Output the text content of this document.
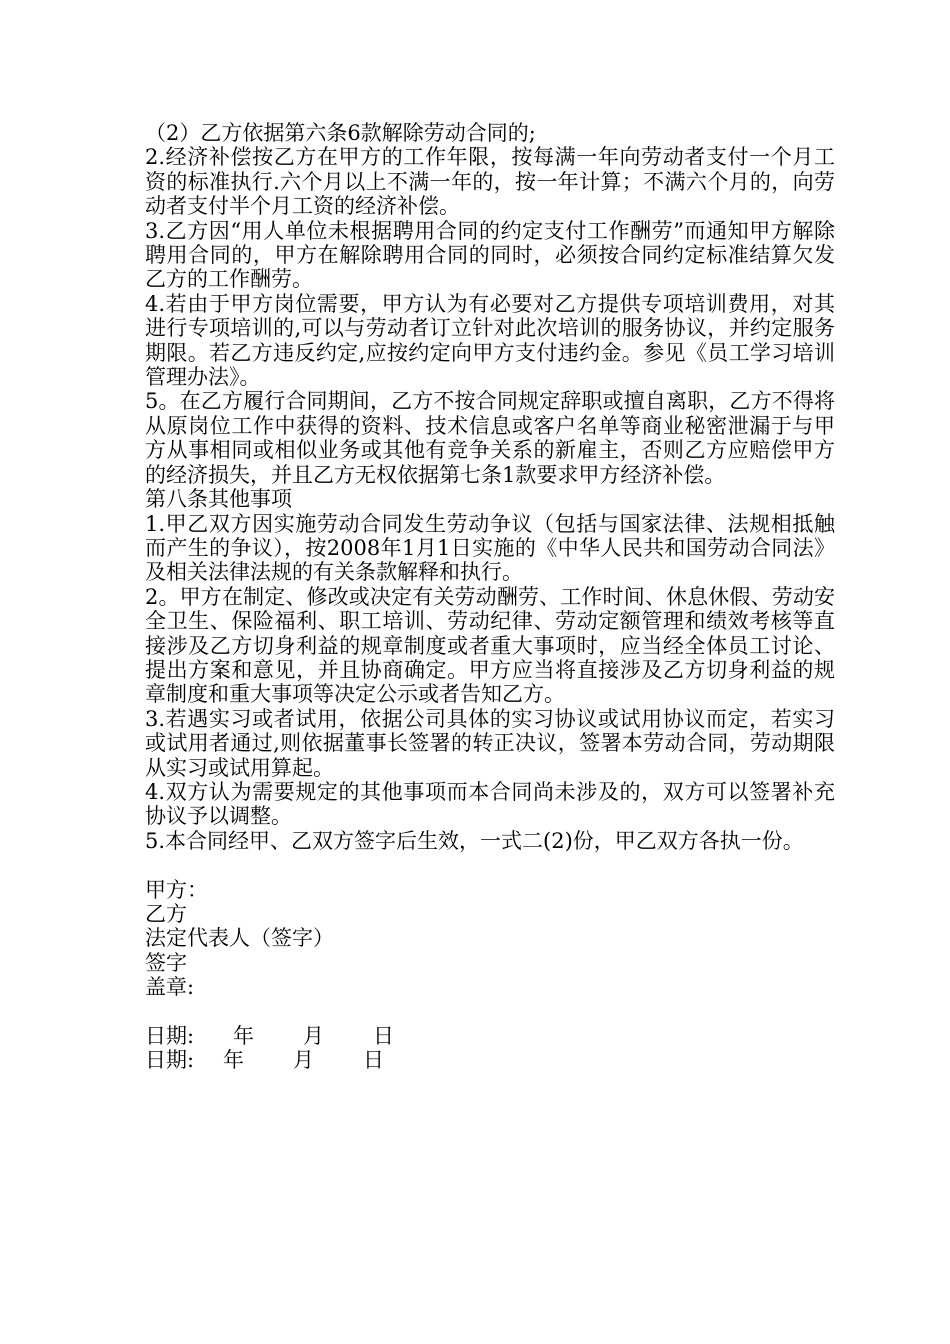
（2）乙方依据第六条6款解除劳动合同的;

2.经济补偿按乙方在甲方的工作年限，按每满一年向劳动者支付一个月工资的标准执行.六个月以上不满一年的，按一年计算；不满六个月的，向劳动者支付半个月工资的经济补偿。

3.乙方因“用人单位未根据聘用合同的约定支付工作酬劳”而通知甲方解除聘用合同的，甲方在解除聘用合同的同时，必须按合同约定标准结算欠发乙方的工作酬劳。

4.若由于甲方岗位需要，甲方认为有必要对乙方提供专项培训费用，对其进行专项培训的,可以与劳动者订立针对此次培训的服务协议，并约定服务期限。若乙方违反约定,应按约定向甲方支付违约金。参见《员工学习培训管理办法》。

5。在乙方履行合同期间，乙方不按合同规定辞职或擅自离职，乙方不得将从原岗位工作中获得的资料、技术信息或客户名单等商业秘密泄漏于与甲方从事相同或相似业务或其他有竞争关系的新雇主，否则乙方应赔偿甲方的经济损失，并且乙方无权依据第七条1款要求甲方经济补偿。

第八条其他事项

1.甲乙双方因实施劳动合同发生劳动争议（包括与国家法律、法规相抵触而产生的争议），按2008年1月1日实施的《中华人民共和国劳动合同法》及相关法律法规的有关条款解释和执行。

2。甲方在制定、修改或决定有关劳动酬劳、工作时间、休息休假、劳动安全卫生、保险福利、职工培训、劳动纪律、劳动定额管理和绩效考核等直接涉及乙方切身利益的规章制度或者重大事项时，应当经全体员工讨论、提出方案和意见，并且协商确定。甲方应当将直接涉及乙方切身利益的规章制度和重大事项等决定公示或者告知乙方。

3.若遇实习或者试用，依据公司具体的实习协议或试用协议而定，若实习或试用者通过,则依据董事长签署的转正决议，签署本劳动合同，劳动期限从实习或试用算起。

4.双方认为需要规定的其他事项而本合同尚未涉及的，双方可以签署补充协议予以调整。

5.本合同经甲、乙双方签字后生效，一式二(2)份，甲乙双方各执一份。

甲方：

乙方

法定代表人（签字）

签字

盖章:

日期:	年	月	日
日期:	年	月	日
